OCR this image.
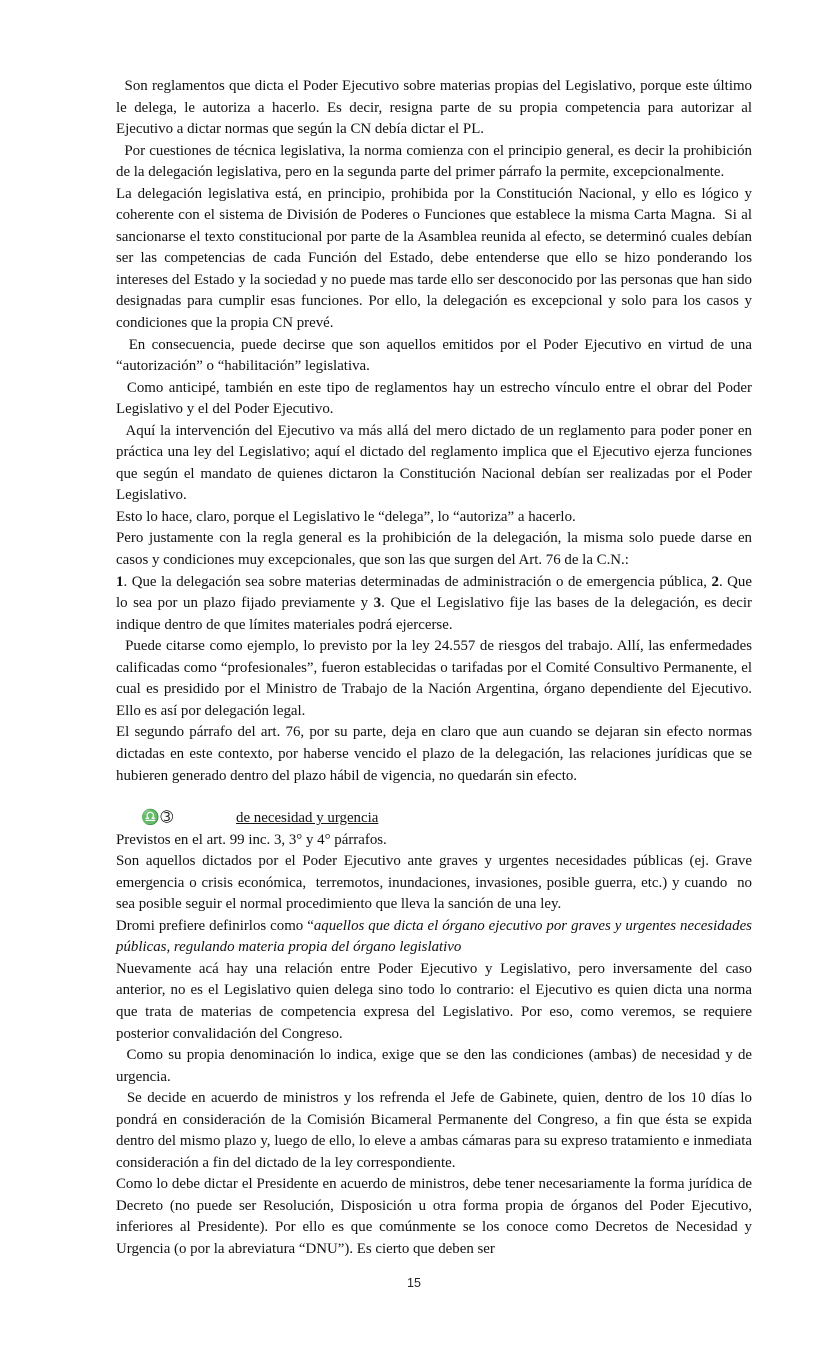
Son reglamentos que dicta el Poder Ejecutivo sobre materias propias del Legislativo, porque este último le delega, le autoriza a hacerlo. Es decir, resigna parte de su propia competencia para autorizar al Ejecutivo a dictar normas que según la CN debía dictar el PL.

Por cuestiones de técnica legislativa, la norma comienza con el principio general, es decir la prohibición de la delegación legislativa, pero en la segunda parte del primer párrafo la permite, excepcionalmente.

La delegación legislativa está, en principio, prohibida por la Constitución Nacional, y ello es lógico y coherente con el sistema de División de Poderes o Funciones que establece la misma Carta Magna.  Si al sancionarse el texto constitucional por parte de la Asamblea reunida al efecto, se determinó cuales debían ser las competencias de cada Función del Estado, debe entenderse que ello se hizo ponderando los intereses del Estado y la sociedad y no puede mas tarde ello ser desconocido por las personas que han sido designadas para cumplir esas funciones. Por ello, la delegación es excepcional y solo para los casos y condiciones que la propia CN prevé.

En consecuencia, puede decirse que son aquellos emitidos por el Poder Ejecutivo en virtud de una “autorización” o “habilitación” legislativa.

Como anticipé, también en este tipo de reglamentos hay un estrecho vínculo entre el obrar del Poder Legislativo y el del Poder Ejecutivo.

Aquí la intervención del Ejecutivo va más allá del mero dictado de un reglamento para poder poner en práctica una ley del Legislativo; aquí el dictado del reglamento implica que el Ejecutivo ejerza funciones que según el mandato de quienes dictaron la Constitución Nacional debían ser realizadas por el Poder Legislativo.

Esto lo hace, claro, porque el Legislativo le “delega”, lo “autoriza” a hacerlo.

Pero justamente con la regla general es la prohibición de la delegación, la misma solo puede darse en casos y condiciones muy excepcionales, que son las que surgen del Art. 76 de la C.N.:

1. Que la delegación sea sobre materias determinadas de administración o de emergencia pública, 2. Que lo sea por un plazo fijado previamente y 3. Que el Legislativo fije las bases de la delegación, es decir indique dentro de que límites materiales podrá ejercerse.

Puede citarse como ejemplo, lo previsto por la ley 24.557 de riesgos del trabajo. Allí, las enfermedades calificadas como “profesionales”, fueron establecidas o tarifadas por el Comité Consultivo Permanente, el cual es presidido por el Ministro de Trabajo de la Nación Argentina, órgano dependiente del Ejecutivo. Ello es así por delegación legal.

El segundo párrafo del art. 76, por su parte, deja en claro que aun cuando se dejaran sin efecto normas dictadas en este contexto, por haberse vencido el plazo de la delegación, las relaciones jurídicas que se hubieren generado dentro del plazo hábil de vigencia, no quedarán sin efecto.

♎➂	de necesidad y urgencia

Previstos en el art. 99 inc. 3, 3° y 4° párrafos.

Son aquellos dictados por el Poder Ejecutivo ante graves y urgentes necesidades públicas (ej. Grave emergencia o crisis económica,  terremotos, inundaciones, invasiones, posible guerra, etc.) y cuando  no sea posible seguir el normal procedimiento que lleva la sanción de una ley.

Dromi prefiere definirlos como “aquellos que dicta el órgano ejecutivo por graves y urgentes necesidades públicas, regulando materia propia del órgano legislativo

Nuevamente acá hay una relación entre Poder Ejecutivo y Legislativo, pero inversamente del caso anterior, no es el Legislativo quien delega sino todo lo contrario: el Ejecutivo es quien dicta una norma que trata de materias de competencia expresa del Legislativo. Por eso, como veremos, se requiere posterior convalidación del Congreso.

Como su propia denominación lo indica, exige que se den las condiciones (ambas) de necesidad y de urgencia.

Se decide en acuerdo de ministros y los refrenda el Jefe de Gabinete, quien, dentro de los 10 días lo pondrá en consideración de la Comisión Bicameral Permanente del Congreso, a fin que ésta se expida dentro del mismo plazo y, luego de ello, lo eleve a ambas cámaras para su expreso tratamiento e inmediata consideración a fin del dictado de la ley correspondiente.

Como lo debe dictar el Presidente en acuerdo de ministros, debe tener necesariamente la forma jurídica de Decreto (no puede ser Resolución, Disposición u otra forma propia de órganos del Poder Ejecutivo, inferiores al Presidente). Por ello es que comúnmente se los conoce como Decretos de Necesidad y Urgencia (o por la abreviatura “DNU”). Es cierto que deben ser

15
